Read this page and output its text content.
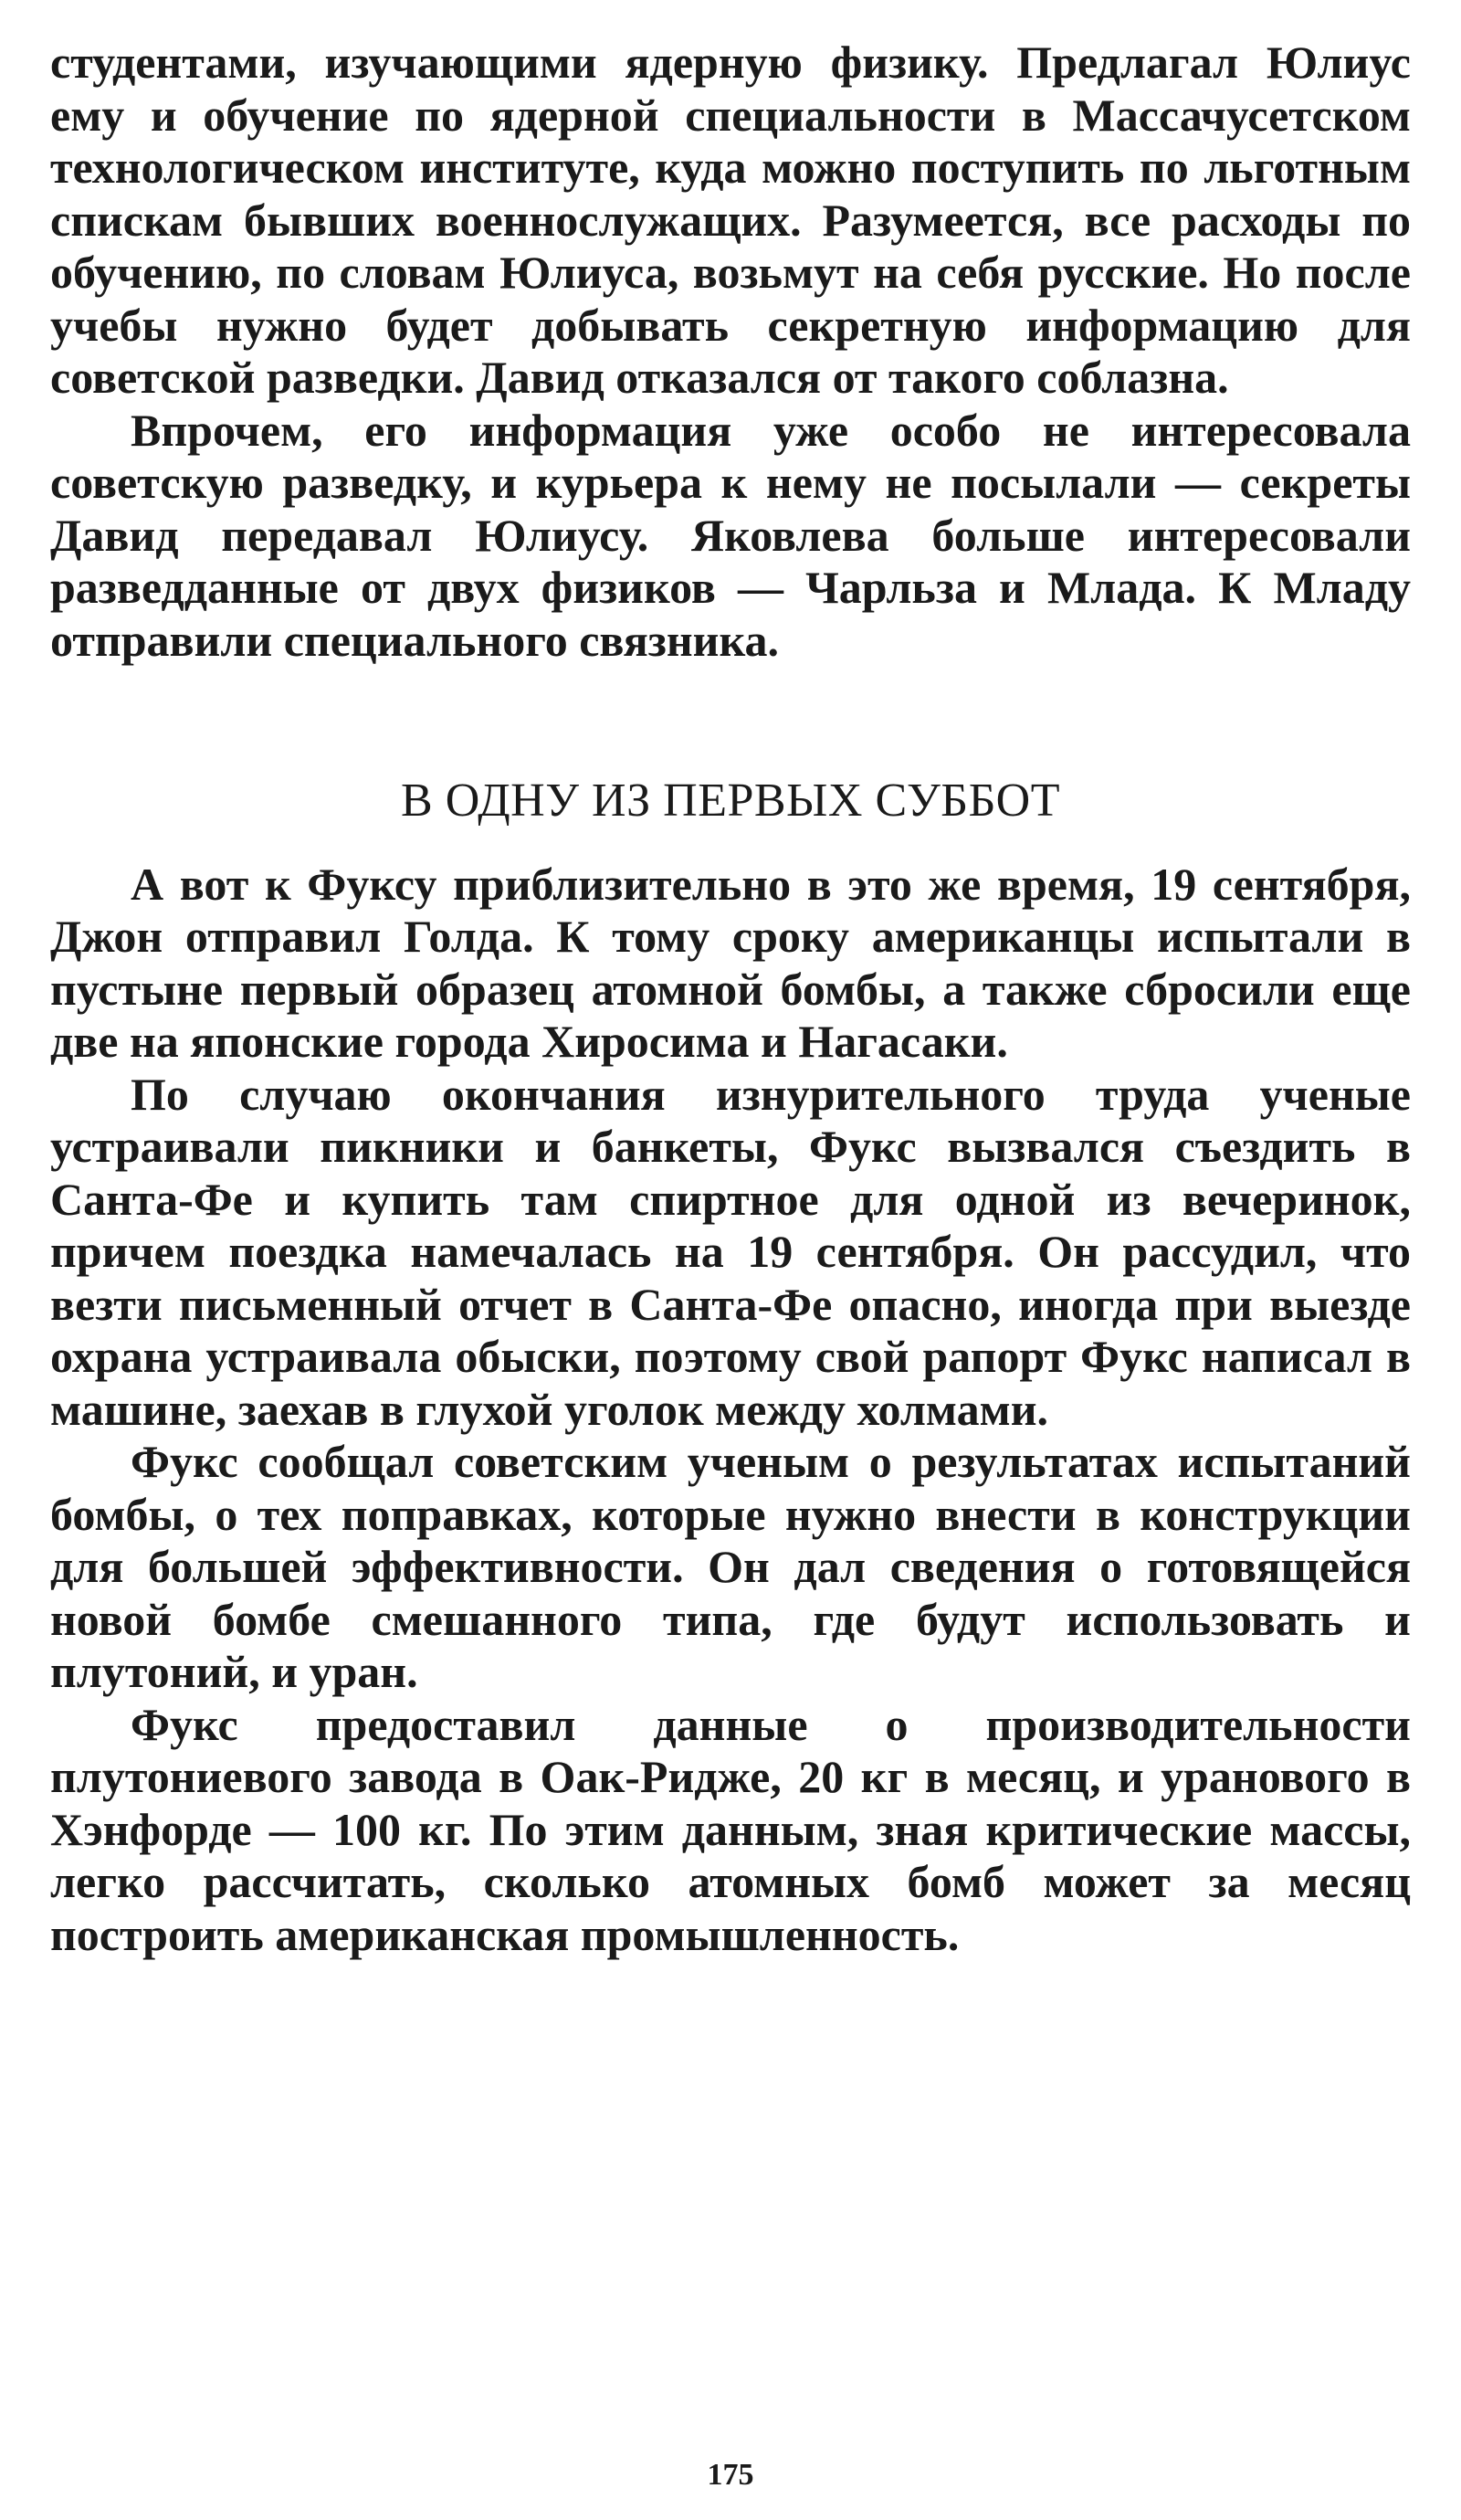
студентами, изучающими ядерную физику. Предлагал Юлиус ему и обучение по ядерной специальности в Массачусетском технологическом институте, куда можно поступить по льготным спискам бывших военнослужащих. Разумеется, все расходы по обучению, по словам Юлиуса, возьмут на себя русские. Но после учебы нужно будет добывать секретную информацию для советской разведки. Давид отказался от такого соблазна.

Впрочем, его информация уже особо не интересовала советскую разведку, и курьера к нему не посылали — секреты Давид передавал Юлиусу. Яковлева больше интересовали разведданные от двух физиков — Чарльза и Млада. К Младу отправили специального связника.

В ОДНУ ИЗ ПЕРВЫХ СУББОТ

А вот к Фуксу приблизительно в это же время, 19 сентября, Джон отправил Голда. К тому сроку американцы испытали в пустыне первый образец атомной бомбы, а также сбросили еще две на японские города Хиросима и Нагасаки.

По случаю окончания изнурительного труда ученые устраивали пикники и банкеты, Фукс вызвался съездить в Санта-Фе и купить там спиртное для одной из вечеринок, причем поездка намечалась на 19 сентября. Он рассудил, что везти письменный отчет в Санта-Фе опасно, иногда при выезде охрана устраивала обыски, поэтому свой рапорт Фукс написал в машине, заехав в глухой уголок между холмами.

Фукс сообщал советским ученым о результатах испытаний бомбы, о тех поправках, которые нужно внести в конструкции для большей эффективности. Он дал сведения о готовящейся новой бомбе смешанного типа, где будут использовать и плутоний, и уран.

Фукс предоставил данные о производительности плутониевого завода в Оак-Ридже, 20 кг в месяц, и уранового в Хэнфорде — 100 кг. По этим данным, зная критические массы, легко рассчитать, сколько атомных бомб может за месяц построить американская промышленность.

175
